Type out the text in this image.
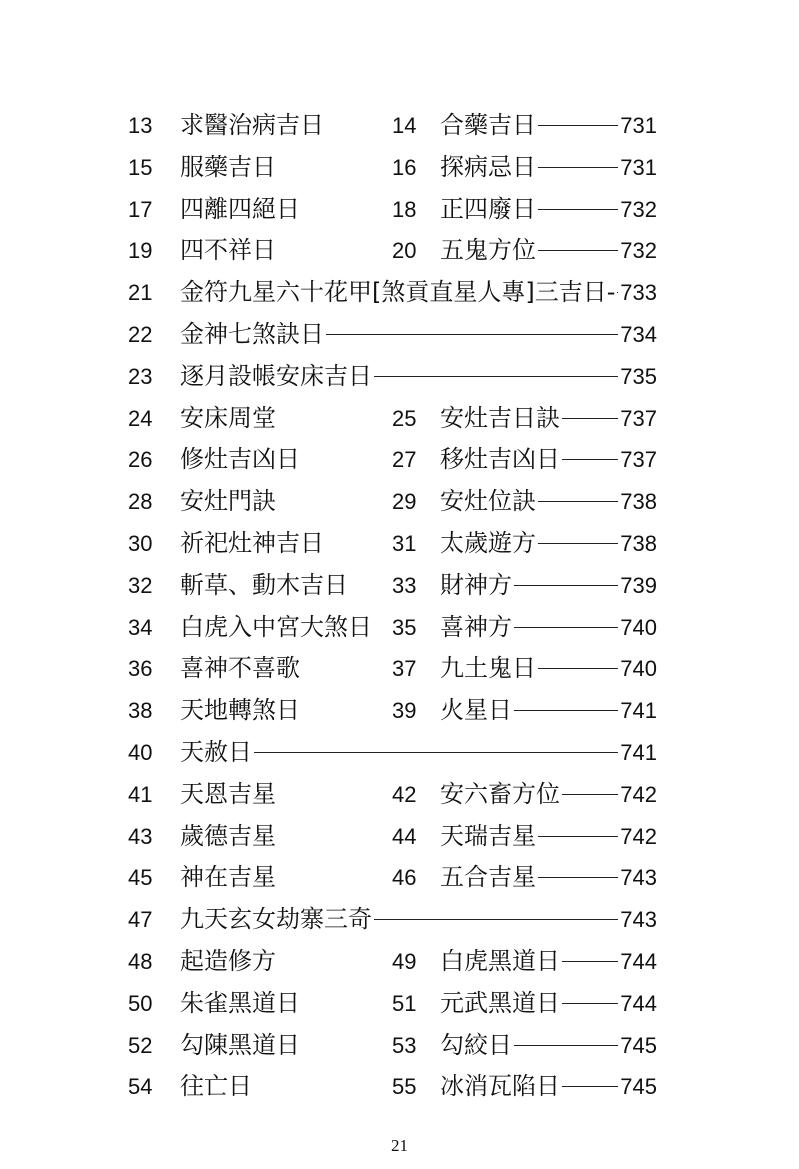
13	求醫治病吉日	14 合藥吉日	731
15	服藥吉日	16 探病忌日	731
17	四離四絕日	18 正四廢日	732
19	四不祥日	20 五鬼方位	732
21	金符九星六十花甲[煞貢直星人專]三吉日- 733
22	金神七煞訣日	734
23	逐月設帳安床吉日	735
24	安床周堂	25 安灶吉日訣	737
26	修灶吉凶日	27 移灶吉凶日	737
28	安灶門訣	29 安灶位訣	738
30	祈祀灶神吉日	31 太歲遊方	738
32	斬草、動木吉日 33 財神方	739
34	白虎入中宮大煞日 35 喜神方	740
36	喜神不喜歌	37 九土鬼日	740
38	天地轉煞日	39 火星日	741
40	天赦日	741
41	天恩吉星	42 安六畜方位	742
43	歲德吉星	44 天瑞吉星	742
45	神在吉星	46 五合吉星	743
47	九天玄女劫寨三奇	743
48	起造修方	49 白虎黑道日	744
50	朱雀黑道日	51 元武黑道日	744
52	勾陳黑道日	53 勾絞日	745
54	往亡日	55 冰消瓦陷日	745
21
